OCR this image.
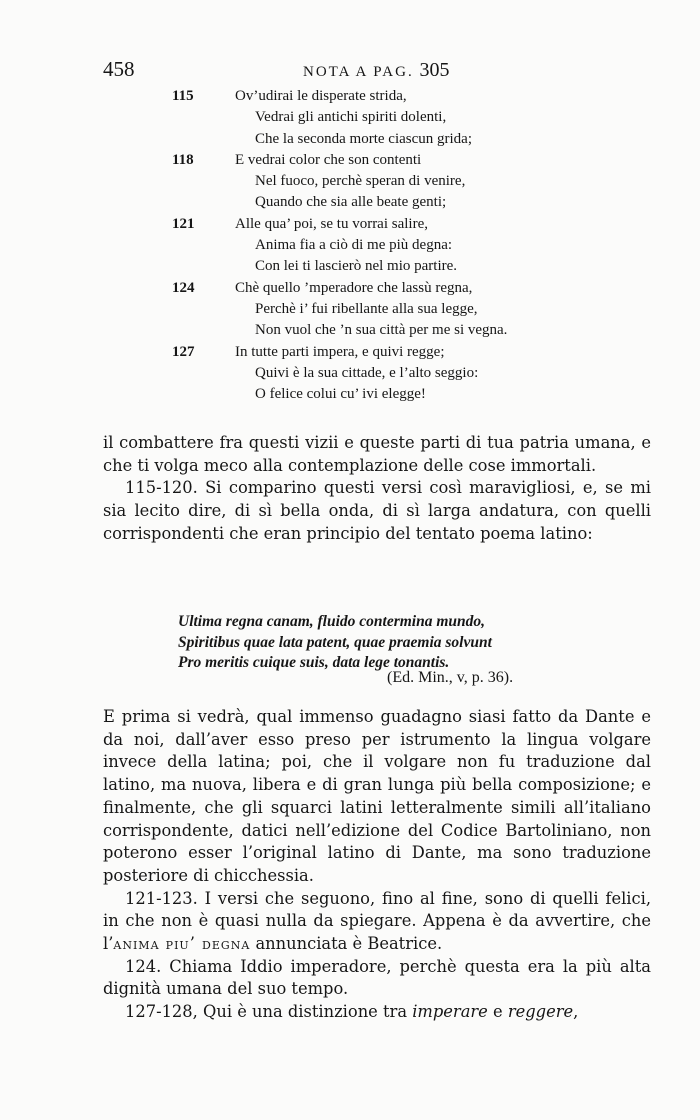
458	NOTA A PAG. 305
115	Ov’udirai le disperate strida,
Vedrai gli antichi spiriti dolenti,
Che la seconda morte ciascun grida;
118	E vedrai color che son contenti
Nel fuoco, perchè speran di venire,
Quando che sia alle beate genti;
121	Alle qua’ poi, se tu vorrai salire,
Anima fia a ciò di me più degna:
Con lei ti lascierò nel mio partire.
124	Chè quello ’mperadore che lassù regna,
Perchè i’ fui ribellante alla sua legge,
Non vuol che ’n sua città per me si vegna.
127	In tutte parti impera, e quivi regge;
Quivi è la sua cittade, e l’alto seggio:
O felice colui cu’ ivi elegge!

il combattere fra questi vizii e queste parti di tua patria umana, e che ti volga meco alla contemplazione delle cose immortali.

115-120. Si comparino questi versi così maravigliosi, e, se mi sia lecito dire, di sì bella onda, di sì larga andatura, con quelli corrispondenti che eran principio del tentato poema latino:

Ultima regna canam, fluido contermina mundo,
Spiritibus quae lata patent, quae praemia solvunt
Pro meritis cuique suis, data lege tonantis.
(Ed. Min., v, p. 36).

E prima si vedrà, qual immenso guadagno siasi fatto da Dante e da noi, dall’aver esso preso per istrumento la lingua volgare invece della latina; poi, che il volgare non fu traduzione dal latino, ma nuova, libera e di gran lunga più bella composizione; e finalmente, che gli squarci latini letteralmente simili all’italiano corrispondente, datici nell’edizione del Codice Bartoliniano, non poterono esser l’original latino di Dante, ma sono traduzione posteriore di chicchessia.

121-123. I versi che seguono, fino al fine, sono di quelli felici, in che non è quasi nulla da spiegare. Appena è da avvertire, che l’anima piu’ degna annunciata è Beatrice.

124. Chiama Iddio imperadore, perchè questa era la più alta dignità umana del suo tempo.

127-128, Qui è una distinzione tra imperare e reggere,
